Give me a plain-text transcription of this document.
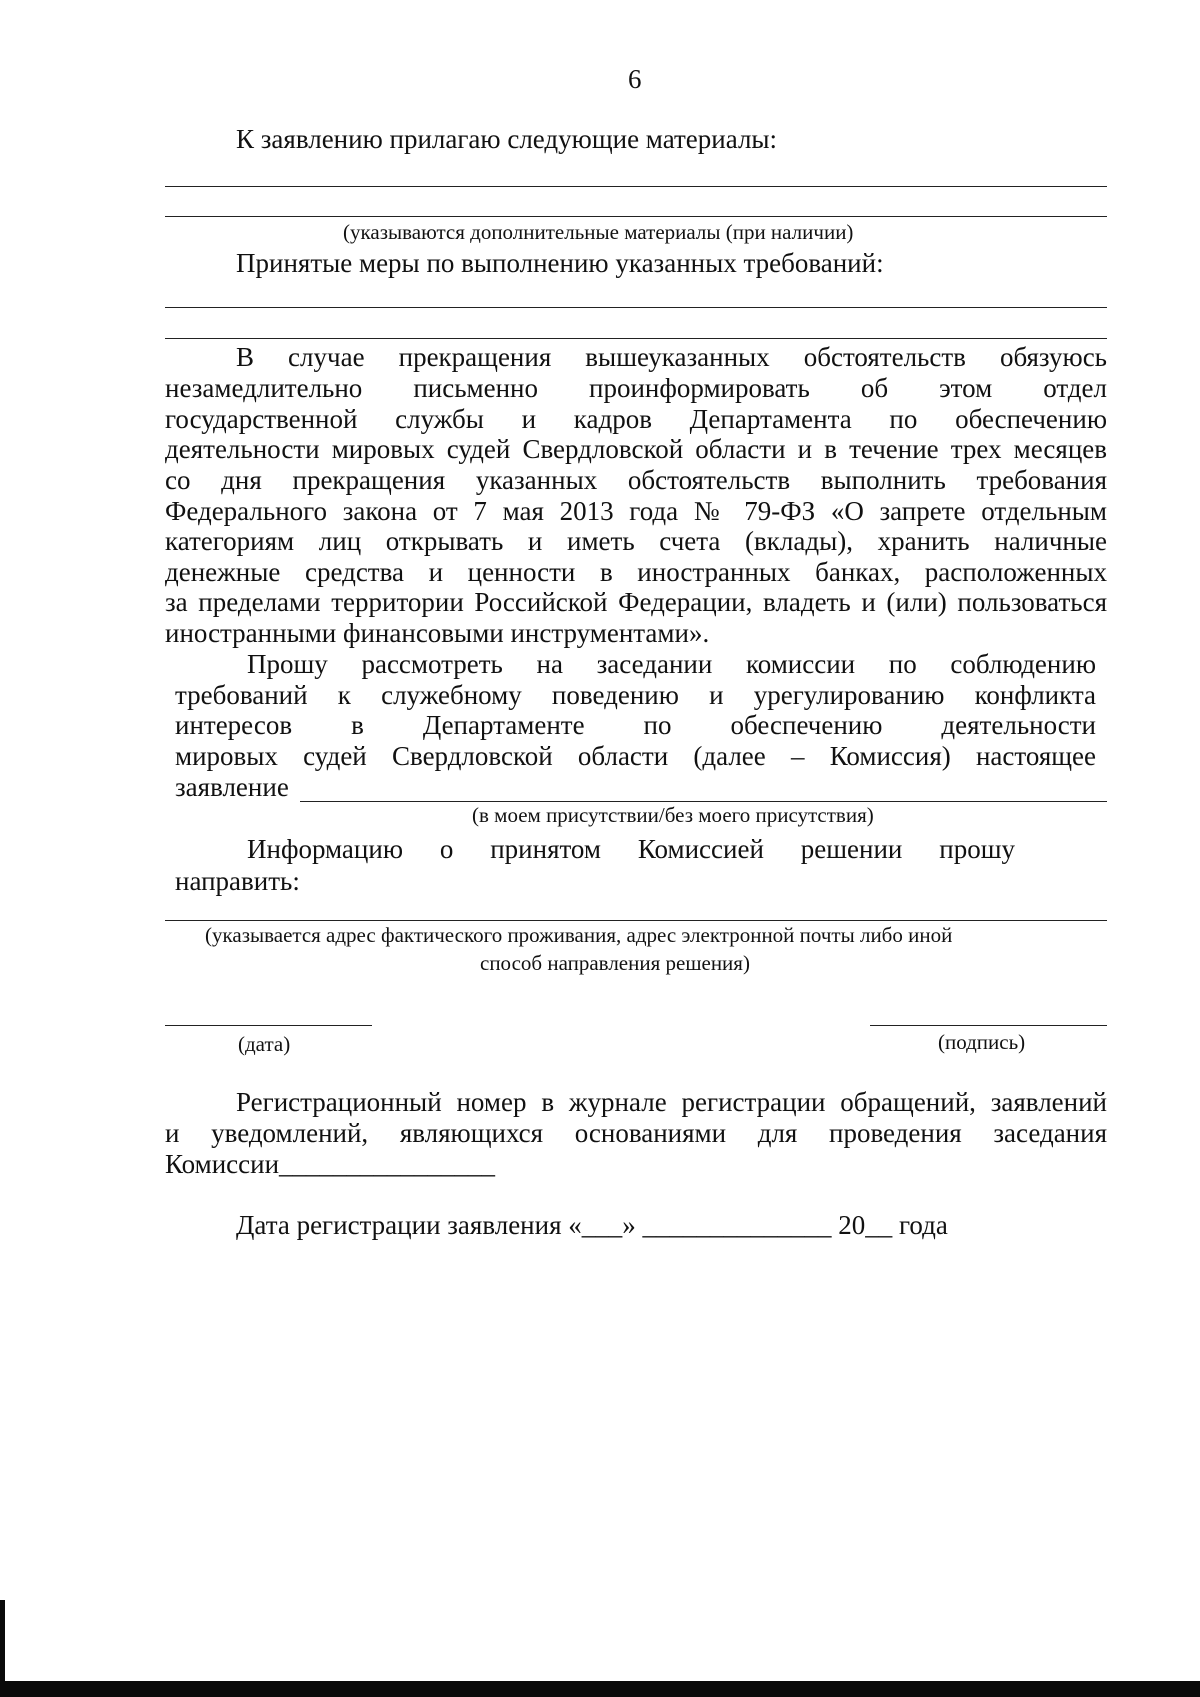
6
К заявлению прилагаю следующие материалы:
(указываются дополнительные материалы (при наличии)
Принятые меры по выполнению указанных требований:
В случае прекращения вышеуказанных обстоятельств обязуюсь
незамедлительно письменно проинформировать об этом отдел
государственной службы и кадров Департамента по обеспечению
деятельности мировых судей Свердловской области и в течение трех месяцев
со дня прекращения указанных обстоятельств выполнить требования
Федерального закона от 7 мая 2013 года № 79-ФЗ «О запрете отдельным
категориям лиц открывать и иметь счета (вклады), хранить наличные
денежные средства и ценности в иностранных банках, расположенных
за пределами территории Российской Федерации, владеть и (или) пользоваться
иностранными финансовыми инструментами».
Прошу рассмотреть на заседании комиссии по соблюдению
требований к служебному поведению и урегулированию конфликта
интересов в Департаменте по обеспечению деятельности
мировых судей Свердловской области (далее – Комиссия) настоящее
заявление
(в моем присутствии/без моего присутствия)
Информацию о принятом Комиссией решении прошу
направить:
(указывается адрес фактического проживания, адрес электронной почты либо иной
способ направления решения)
(дата)	(подпись)
Регистрационный номер в журнале регистрации обращений, заявлений
и уведомлений, являющихся основаниями для проведения заседания
Комиссии________________
Дата регистрации заявления «___» ______________ 20__ года
